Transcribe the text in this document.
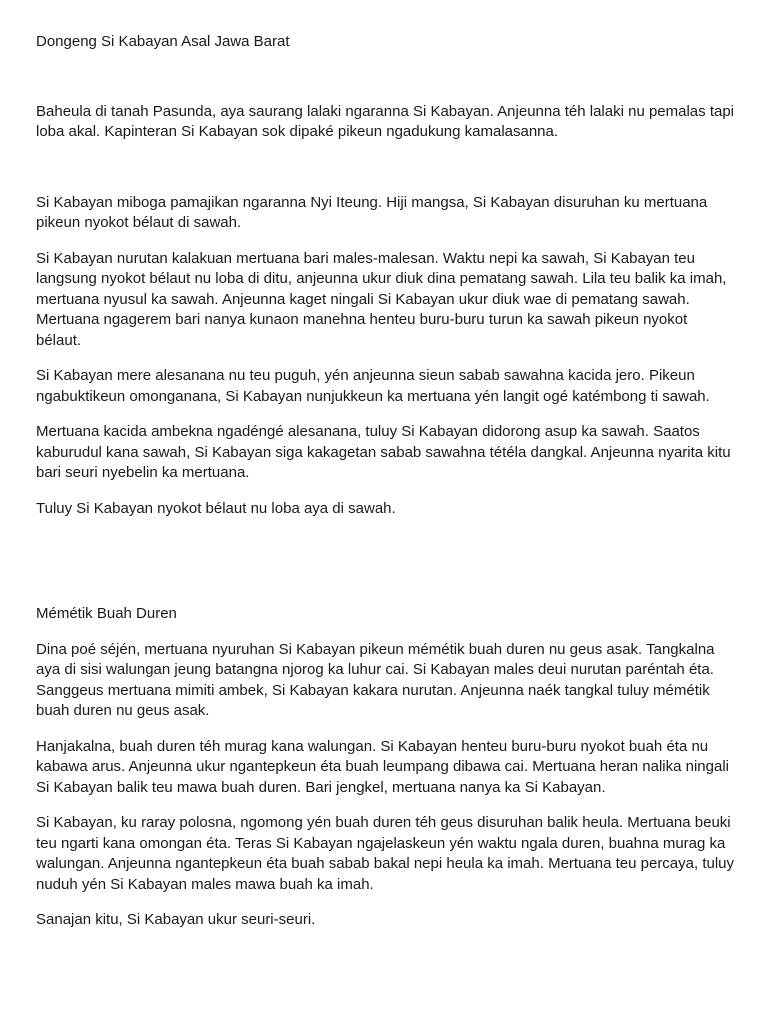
Dongeng Si Kabayan Asal Jawa Barat

Baheula di tanah Pasunda, aya saurang lalaki ngaranna Si Kabayan. Anjeunna téh lalaki nu pemalas tapi loba akal. Kapinteran Si Kabayan sok dipaké pikeun ngadukung kamalasanna.

Si Kabayan miboga pamajikan ngaranna Nyi Iteung. Hiji mangsa, Si Kabayan disuruhan ku mertuana pikeun nyokot bélaut di sawah.

Si Kabayan nurutan kalakuan mertuana bari males-malesan. Waktu nepi ka sawah, Si Kabayan teu langsung nyokot bélaut nu loba di ditu, anjeunna ukur diuk dina pematang sawah. Lila teu balik ka imah, mertuana nyusul ka sawah. Anjeunna kaget ningali Si Kabayan ukur diuk wae di pematang sawah. Mertuana ngagerem bari nanya kunaon manehna henteu buru-buru turun ka sawah pikeun nyokot bélaut.

Si Kabayan mere alesanana nu teu puguh, yén anjeunna sieun sabab sawahna kacida jero. Pikeun ngabuktikeun omonganana, Si Kabayan nunjukkeun ka mertuana yén langit ogé katémbong ti sawah.

Mertuana kacida ambekna ngadéngé alesanana, tuluy Si Kabayan didorong asup ka sawah. Saatos kaburudul kana sawah, Si Kabayan siga kakagetan sabab sawahna tétéla dangkal. Anjeunna nyarita kitu bari seuri nyebelin ka mertuana.

Tuluy Si Kabayan nyokot bélaut nu loba aya di sawah.

Mémétik Buah Duren

Dina poé séjén, mertuana nyuruhan Si Kabayan pikeun mémétik buah duren nu geus asak. Tangkalna aya di sisi walungan jeung batangna njorog ka luhur cai. Si Kabayan males deui nurutan paréntah éta. Sanggeus mertuana mimiti ambek, Si Kabayan kakara nurutan. Anjeunna naék tangkal tuluy mémétik buah duren nu geus asak.

Hanjakalna, buah duren téh murag kana walungan. Si Kabayan henteu buru-buru nyokot buah éta nu kabawa arus. Anjeunna ukur ngantepkeun éta buah leumpang dibawa cai. Mertuana heran nalika ningali Si Kabayan balik teu mawa buah duren. Bari jengkel, mertuana nanya ka Si Kabayan.

Si Kabayan, ku raray polosna, ngomong yén buah duren téh geus disuruhan balik heula. Mertuana beuki teu ngarti kana omongan éta. Teras Si Kabayan ngajelaskeun yén waktu ngala duren, buahna murag ka walungan. Anjeunna ngantepkeun éta buah sabab bakal nepi heula ka imah. Mertuana teu percaya, tuluy nuduh yén Si Kabayan males mawa buah ka imah.

Sanajan kitu, Si Kabayan ukur seuri-seuri.
